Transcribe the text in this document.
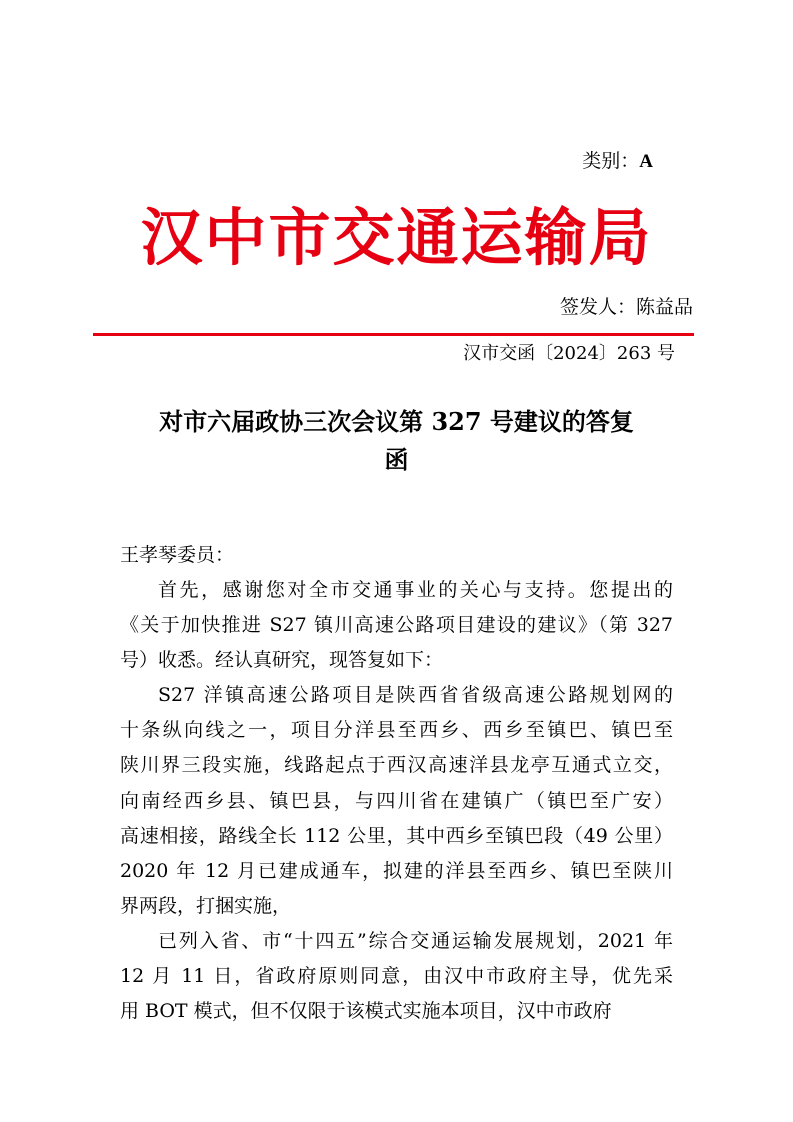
类别：A
汉中市交通运输局
签发人：陈益品
汉市交函〔2024〕263 号
对市六届政协三次会议第 327 号建议的答复
函
王孝琴委员：
首先，感谢您对全市交通事业的关心与支持。您提出的
《关于加快推进 S27 镇川高速公路项目建设的建议》（第 327
号）收悉。经认真研究，现答复如下：
S27 洋镇高速公路项目是陕西省省级高速公路规划网的
十条纵向线之一，项目分洋县至西乡、西乡至镇巴、镇巴至
陕川界三段实施，线路起点于西汉高速洋县龙亭互通式立交，
向南经西乡县、镇巴县，与四川省在建镇广（镇巴至广安）
高速相接，路线全长 112 公里，其中西乡至镇巴段（49 公里）
2020 年 12 月已建成通车，拟建的洋县至西乡、镇巴至陕川
界两段，打捆实施，
已列入省、市“十四五”综合交通运输发展规划，2021 年
12 月 11 日，省政府原则同意，由汉中市政府主导，优先采
用 BOT 模式，但不仅限于该模式实施本项目，汉中市政府
